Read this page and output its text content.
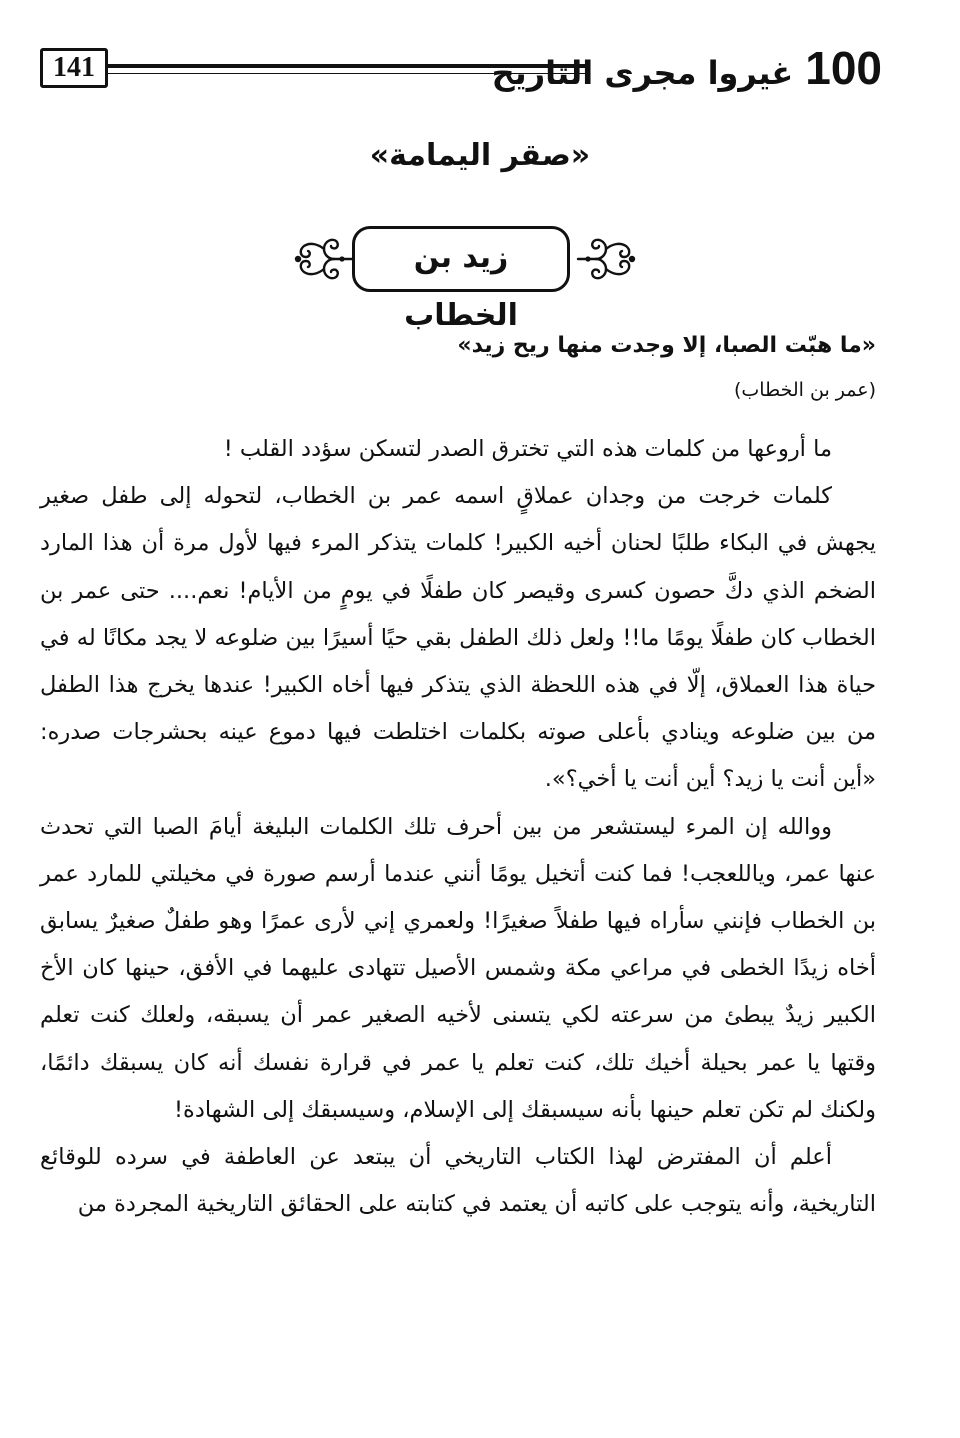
141	100غيروا مجرى التاريخ
«صقر اليمامة»
زيد بن الخطاب
«ما هبّت الصبا، إلا وجدت منها ريح زيد»
(عمر بن الخطاب)

ما أروعها من كلمات هذه التي تخترق الصدر لتسكن سؤدد القلب !

كلمات خرجت من وجدان عملاقٍ اسمه عمر بن الخطاب، لتحوله إلى طفل صغير يجهش في البكاء طلبًا لحنان أخيه الكبير! كلمات يتذكر المرء فيها لأول مرة أن هذا المارد الضخم الذي دكَّ حصون كسرى وقيصر كان طفلًا في يومٍ من الأيام! نعم.... حتى عمر بن الخطاب كان طفلًا يومًا ما!! ولعل ذلك الطفل بقي حيًا أسيرًا بين ضلوعه لا يجد مكانًا له في حياة هذا العملاق، إلّا في هذه اللحظة الذي يتذكر فيها أخاه الكبير! عندها يخرج هذا الطفل من بين ضلوعه وينادي بأعلى صوته بكلمات اختلطت فيها دموع عينه بحشرجات صدره: «أين أنت يا زيد؟ أين أنت يا أخي؟».

ووالله إن المرء ليستشعر من بين أحرف تلك الكلمات البليغة أيامَ الصبا التي تحدث عنها عمر، وياللعجب! فما كنت أتخيل يومًا أنني عندما أرسم صورة في مخيلتي للمارد عمر بن الخطاب فإنني سأراه فيها طفلاً صغيرًا! ولعمري إني لأرى عمرًا وهو طفلٌ صغيرٌ يسابق أخاه زيدًا الخطى في مراعي مكة وشمس الأصيل تتهادى عليهما في الأفق، حينها كان الأخ الكبير زيدٌ يبطئ من سرعته لكي يتسنى لأخيه الصغير عمر أن يسبقه، ولعلك كنت تعلم وقتها يا عمر بحيلة أخيك تلك، كنت تعلم يا عمر في قرارة نفسك أنه كان يسبقك دائمًا، ولكنك لم تكن تعلم حينها بأنه سيسبقك إلى الإسلام، وسيسبقك إلى الشهادة!

أعلم أن المفترض لهذا الكتاب التاريخي أن يبتعد عن العاطفة في سرده للوقائع التاريخية، وأنه يتوجب على كاتبه أن يعتمد في كتابته على الحقائق التاريخية المجردة من
